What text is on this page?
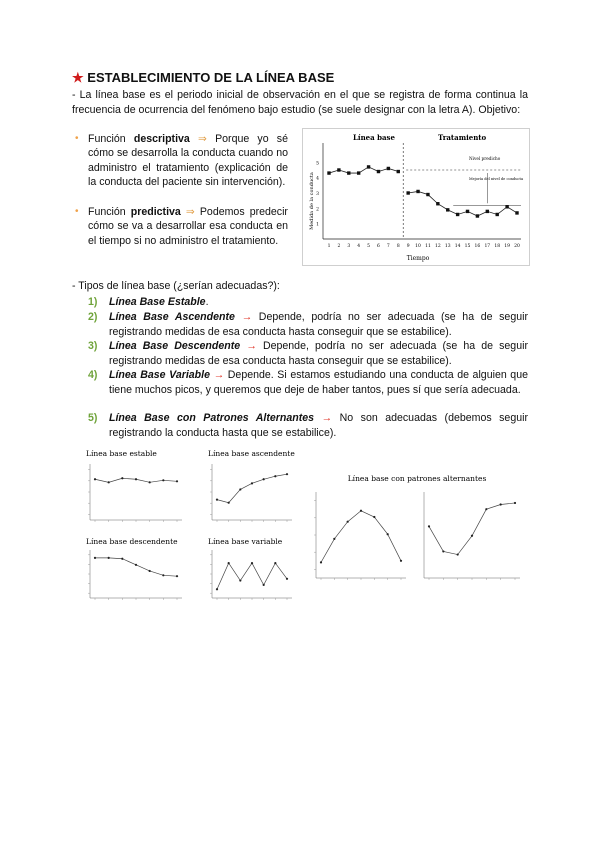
★ ESTABLECIMIENTO DE LA LÍNEA BASE
- La línea base es el periodo inicial de observación en el que se registra de forma continua la frecuencia de ocurrencia del fenómeno bajo estudio (se suele designar con la letra A). Objetivo:
• Función descriptiva ⇒ Porque yo sé cómo se desarrolla la conducta cuando no administro el tratamiento (explicación de la conducta del paciente sin intervención).
• Función predictiva ⇒ Podemos predecir cómo se va a desarrollar esa conducta en el tiempo si no administro el tratamiento.
Línea base	Tratamiento
Tiempo
Medida de la conducta
Nivel predicho
Mejoría del nivel de conducta
1
2
3
4
5
1 2 3 4 5 6 7 8 9 10 11 12 13 14 15 16 17 18 19 20
- Tipos de línea base (¿serían adecuadas?):
1)	Línea Base Estable.
2)	Línea Base Ascendente → Depende, podría no ser adecuada (se ha de seguir registrando medidas de esa conducta hasta conseguir que se estabilice).
3)	Línea Base Descendente → Depende, podría no ser adecuada (se ha de seguir registrando medidas de esa conducta hasta conseguir que se estabilice).
4)	Línea Base Variable → Depende. Si estamos estudiando una conducta de alguien que tiene muchos picos, y queremos que deje de haber tantos, pues sí que sería adecuada.
5)	Línea Base con Patrones Alternantes → No son adecuadas (debemos seguir registrando la conducta hasta que se estabilice).
Línea base estable	Línea base ascendente
Línea base descendente	Línea base variable
Línea base con patrones alternantes
